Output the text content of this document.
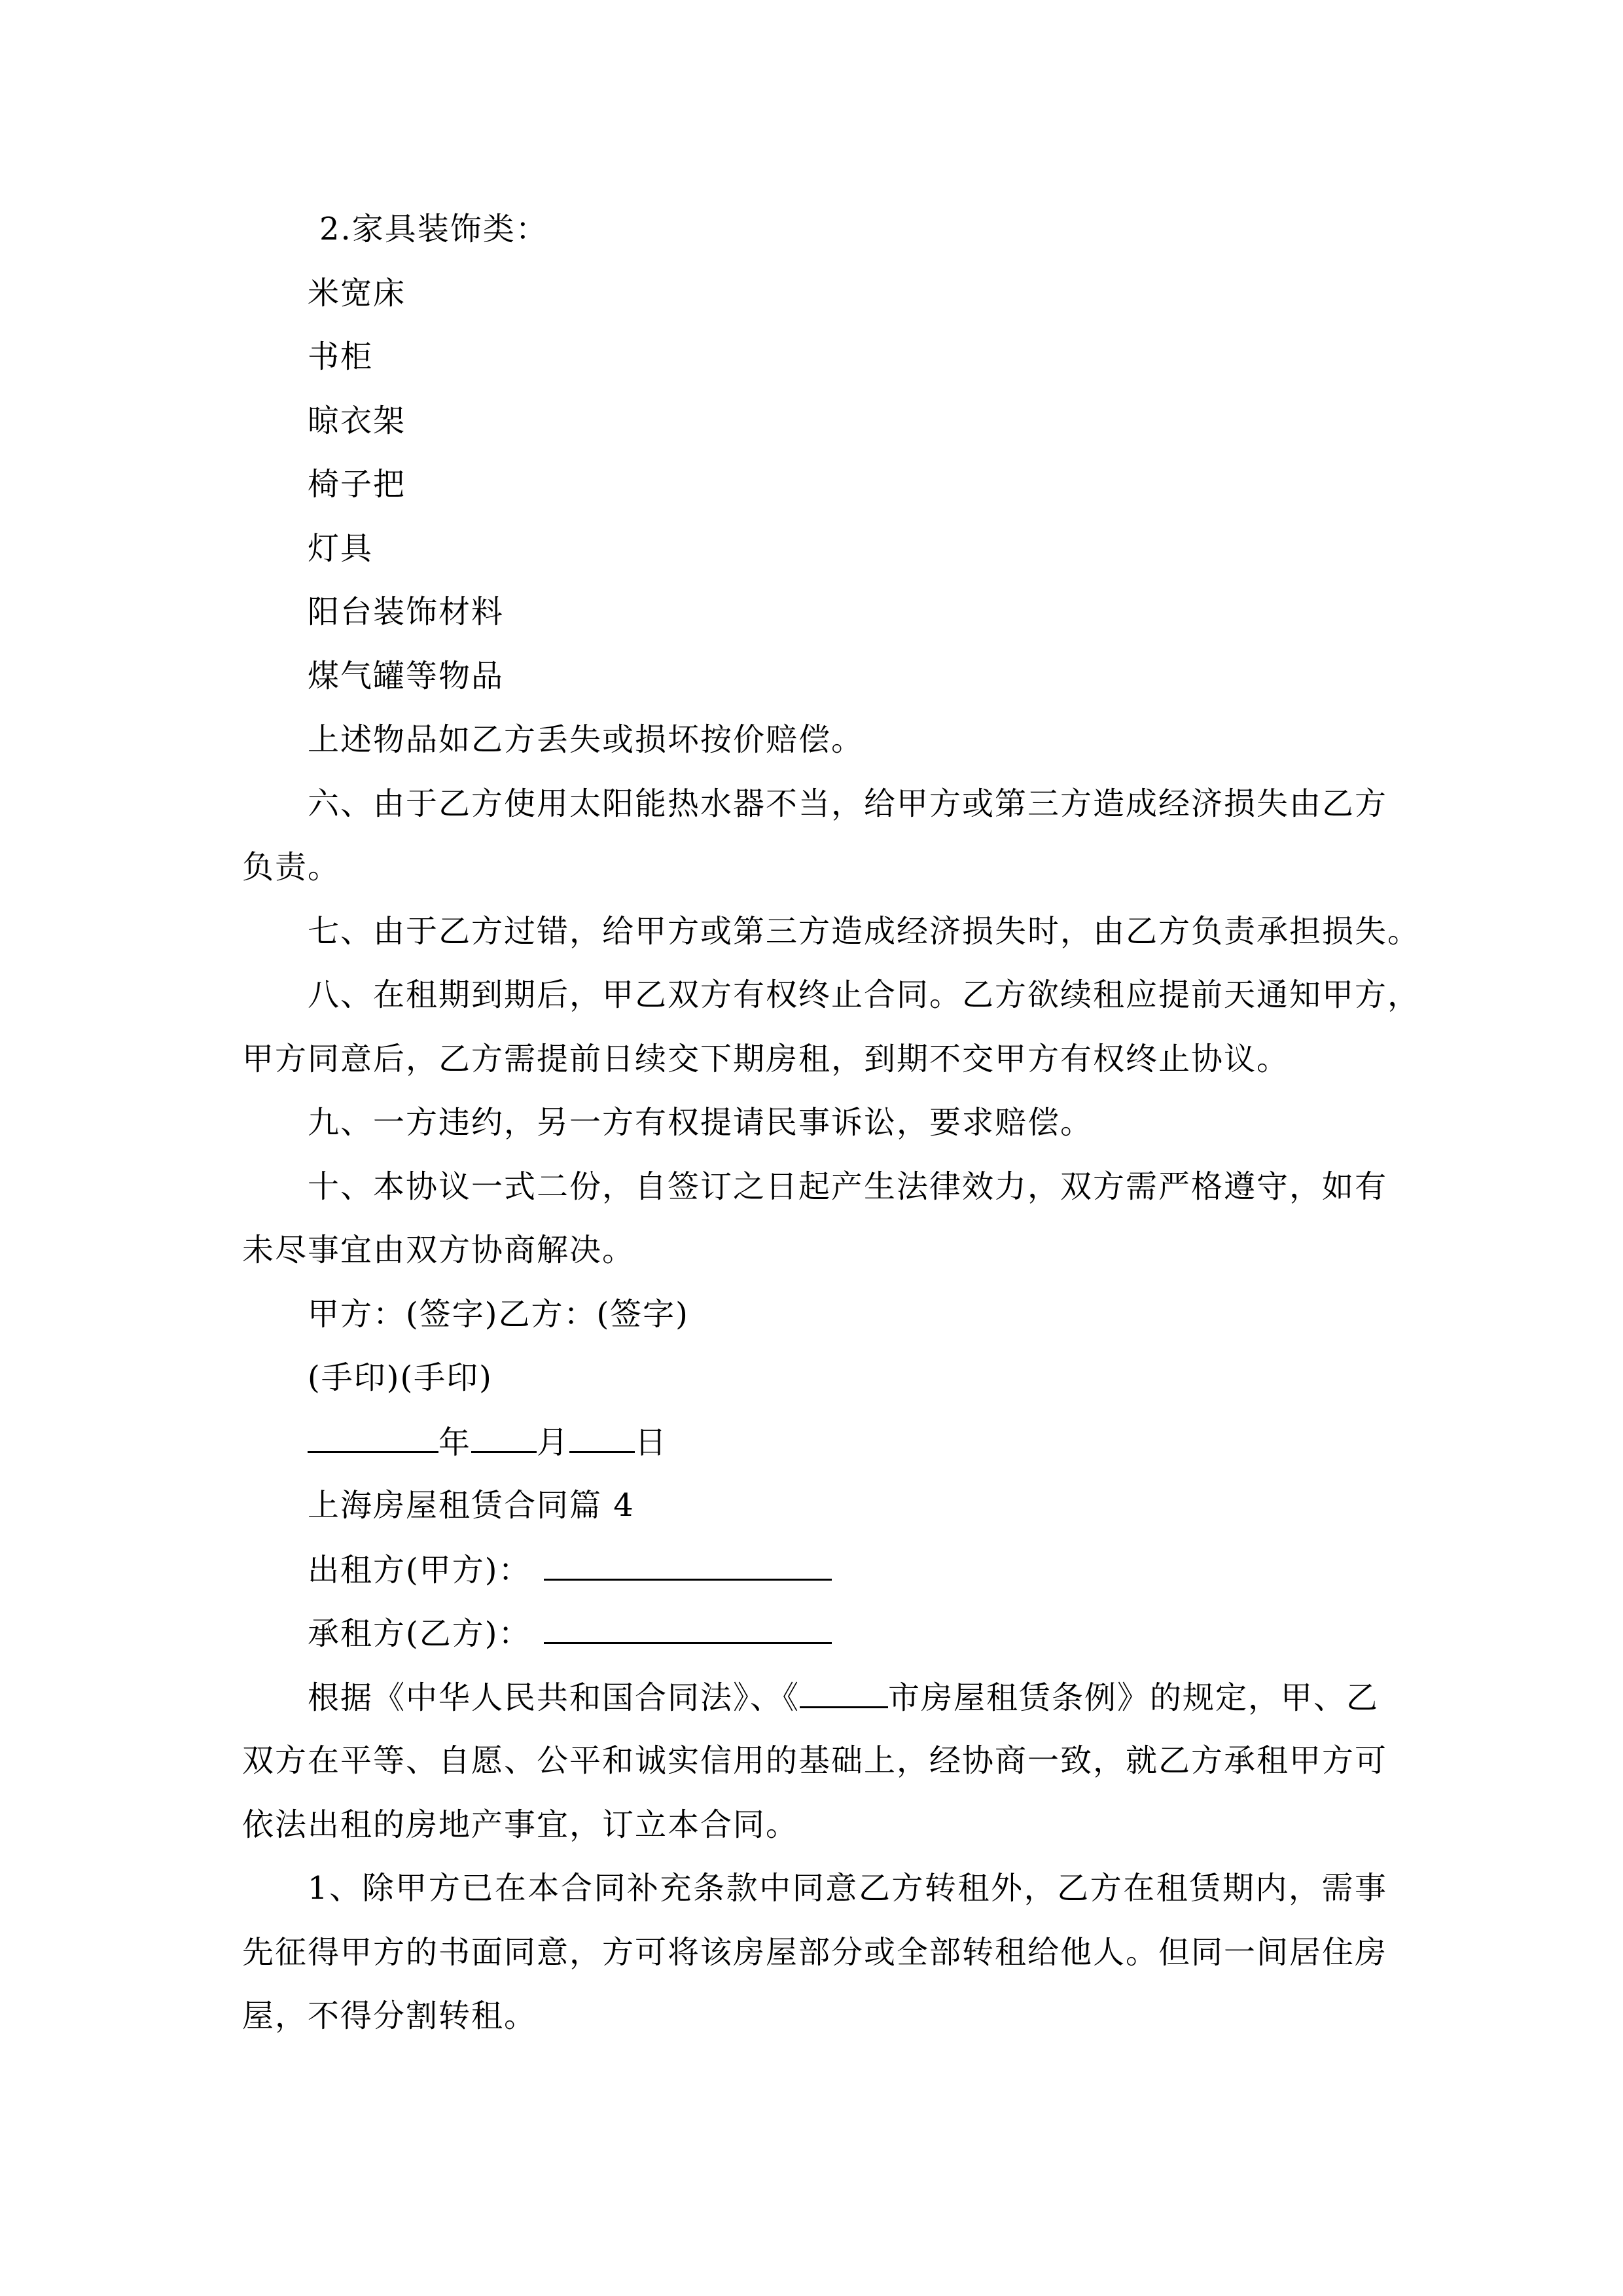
2.家具装饰类：
米宽床
书柜
晾衣架
椅子把
灯具
阳台装饰材料
煤气罐等物品
上述物品如乙方丢失或损坏按价赔偿。
六、由于乙方使用太阳能热水器不当，给甲方或第三方造成经济损失由乙方
负责。
七、由于乙方过错，给甲方或第三方造成经济损失时，由乙方负责承担损失。
八、在租期到期后，甲乙双方有权终止合同。乙方欲续租应提前天通知甲方，
甲方同意后，乙方需提前日续交下期房租，到期不交甲方有权终止协议。
九、一方违约，另一方有权提请民事诉讼，要求赔偿。
十、本协议一式二份，自签订之日起产生法律效力，双方需严格遵守，如有
未尽事宜由双方协商解决。
甲方：(签字)乙方：(签字)
(手印)(手印)
年 月 日
上海房屋租赁合同篇 4
出租方(甲方)：
承租方(乙方)：
根据《中华人民共和国合同法》、《	市房屋租赁条例》的规定，甲、乙
双方在平等、自愿、公平和诚实信用的基础上，经协商一致，就乙方承租甲方可
依法出租的房地产事宜，订立本合同。
1、除甲方已在本合同补充条款中同意乙方转租外，乙方在租赁期内，需事
先征得甲方的书面同意，方可将该房屋部分或全部转租给他人。但同一间居住房
屋，不得分割转租。
